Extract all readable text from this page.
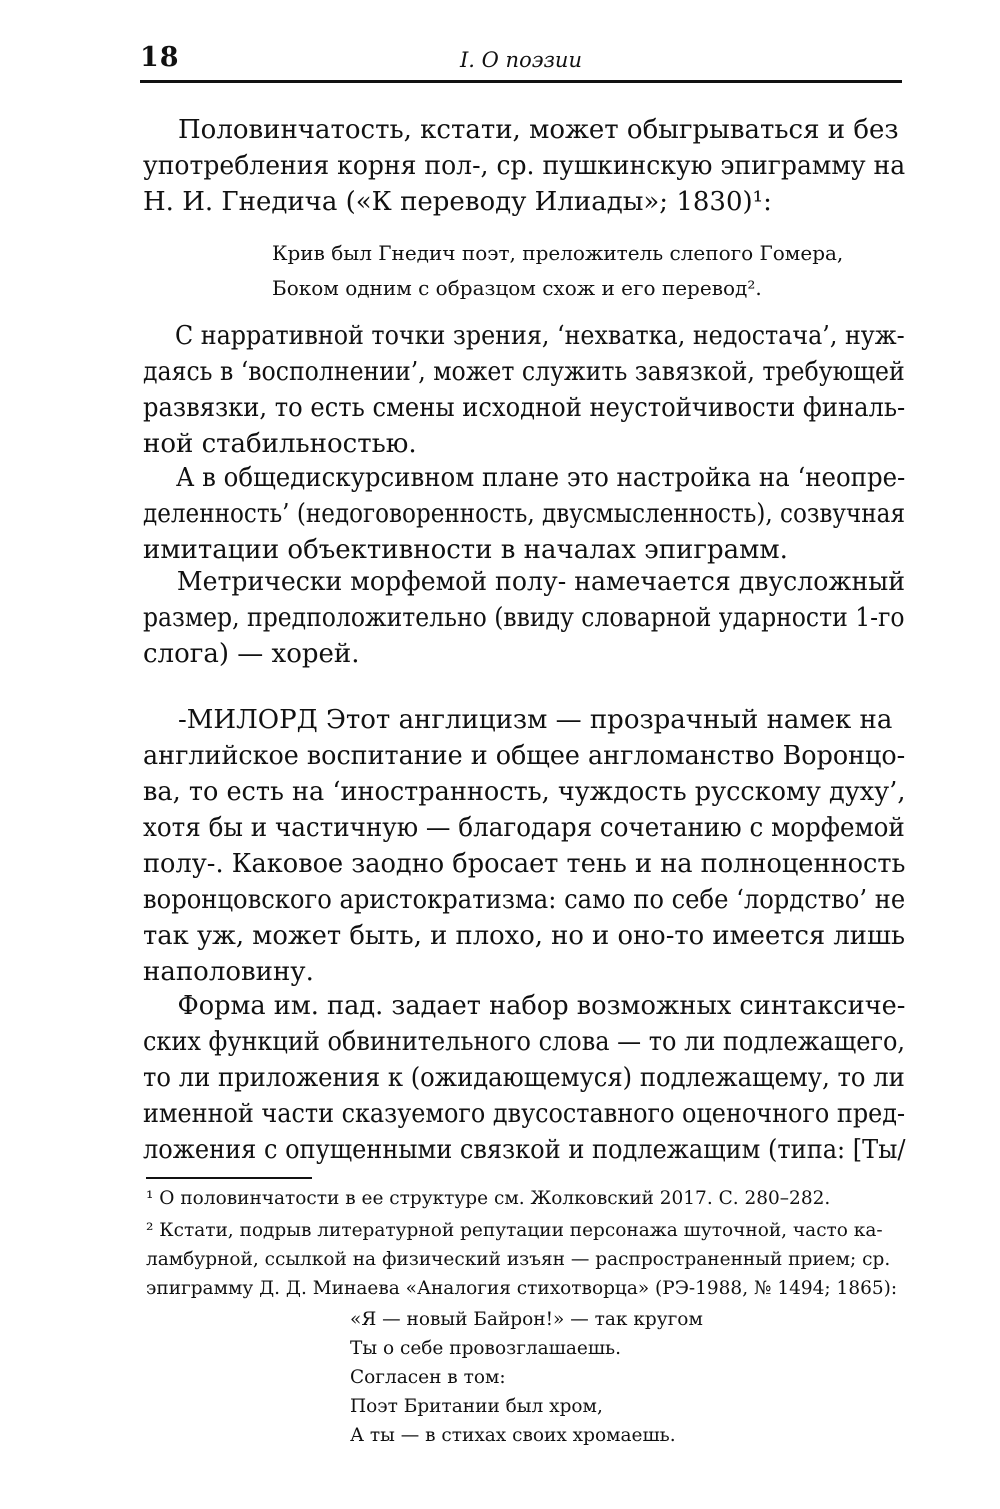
18	I. О поэзии
Половинчатость, кстати, может обыгрываться и без
употребления корня пол-, ср. пушкинскую эпиграмму на
Н. И. Гнедича («К переводу Илиады»; 1830)¹:
Крив был Гнедич поэт, преложитель слепого Гомера,
Боком одним с образцом схож и его перевод².
С нарративной точки зрения, ‘нехватка, недостача’, нуж-
даясь в ‘восполнении’, может служить завязкой, требующей
развязки, то есть смены исходной неустойчивости финаль-
ной стабильностью.
А в общедискурсивном плане это настройка на ‘неопре-
деленность’ (недоговоренность, двусмысленность), созвучная
имитации объективности в началах эпиграмм.
Метрически морфемой полу- намечается двусложный
размер, предположительно (ввиду словарной ударности 1-го
слога) — хорей.
-МИЛОРД Этот англицизм — прозрачный намек на
английское воспитание и общее англоманство Воронцо-
ва, то есть на ‘иностранность, чуждость русскому духу’,
хотя бы и частичную — благодаря сочетанию с морфемой
полу-. Каковое заодно бросает тень и на полноценность
воронцовского аристократизма: само по себе ‘лордство’ не
так уж, может быть, и плохо, но и оно-то имеется лишь
наполовину.
Форма им. пад. задает набор возможных синтаксиче-
ских функций обвинительного слова — то ли подлежащего,
то ли приложения к (ожидающемуся) подлежащему, то ли
именной части сказуемого двусоставного оценочного пред-
ложения с опущенными связкой и подлежащим (типа: [Ты/
¹ О половинчатости в ее структуре см. Жолковский 2017. С. 280–282.
² Кстати, подрыв литературной репутации персонажа шуточной, часто ка-
ламбурной, ссылкой на физический изъян — распространенный прием; ср.
эпиграмму Д. Д. Минаева «Аналогия стихотворца» (РЭ-1988, № 1494; 1865):
«Я — новый Байрон!» — так кругом
Ты о себе провозглашаешь.
Согласен в том:
Поэт Британии был хром,
А ты — в стихах своих хромаешь.
